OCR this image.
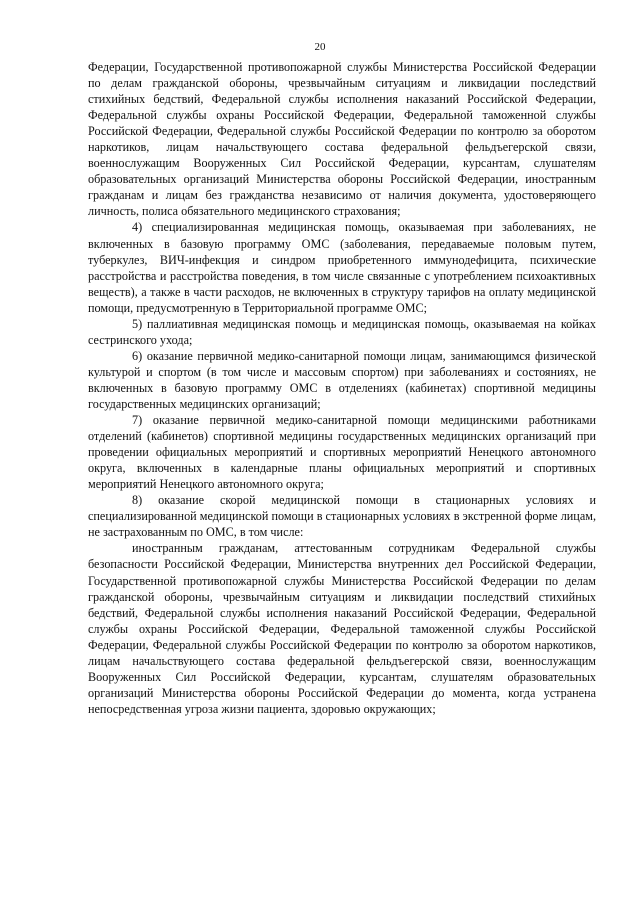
20

Федерации, Государственной противопожарной службы Министерства Российской Федерации по делам гражданской обороны, чрезвычайным ситуациям и ликвидации последствий стихийных бедствий, Федеральной службы исполнения наказаний Российской Федерации, Федеральной службы охраны Российской Федерации, Федеральной таможенной службы Российской Федерации, Федеральной службы Российской Федерации по контролю за оборотом наркотиков, лицам начальствующего состава федеральной фельдъегерской связи, военнослужащим Вооруженных Сил Российской Федерации, курсантам, слушателям образовательных организаций Министерства обороны Российской Федерации, иностранным гражданам и лицам без гражданства независимо от наличия документа, удостоверяющего личность, полиса обязательного медицинского страхования;

4) специализированная медицинская помощь, оказываемая при заболеваниях, не включенных в базовую программу ОМС (заболевания, передаваемые половым путем, туберкулез, ВИЧ-инфекция и синдром приобретенного иммунодефицита, психические расстройства и расстройства поведения, в том числе связанные с употреблением психоактивных веществ), а также в части расходов, не включенных в структуру тарифов на оплату медицинской помощи, предусмотренную в Территориальной программе ОМС;

5) паллиативная медицинская помощь и медицинская помощь, оказываемая на койках сестринского ухода;

6) оказание первичной медико-санитарной помощи лицам, занимающимся физической культурой и спортом (в том числе и массовым спортом) при заболеваниях и состояниях, не включенных в базовую программу ОМС в отделениях (кабинетах) спортивной медицины государственных медицинских организаций;

7) оказание первичной медико-санитарной помощи медицинскими работниками отделений (кабинетов) спортивной медицины государственных медицинских организаций при проведении официальных мероприятий и спортивных мероприятий Ненецкого автономного округа, включенных в календарные планы официальных мероприятий и спортивных мероприятий Ненецкого автономного округа;

8) оказание скорой медицинской помощи в стационарных условиях и специализированной медицинской помощи в стационарных условиях в экстренной форме лицам, не застрахованным по ОМС, в том числе:

иностранным гражданам, аттестованным сотрудникам Федеральной службы безопасности Российской Федерации, Министерства внутренних дел Российской Федерации, Государственной противопожарной службы Министерства Российской Федерации по делам гражданской обороны, чрезвычайным ситуациям и ликвидации последствий стихийных бедствий, Федеральной службы исполнения наказаний Российской Федерации, Федеральной службы охраны Российской Федерации, Федеральной таможенной службы Российской Федерации, Федеральной службы Российской Федерации по контролю за оборотом наркотиков, лицам начальствующего состава федеральной фельдъегерской связи, военнослужащим Вооруженных Сил Российской Федерации, курсантам, слушателям образовательных организаций Министерства обороны Российской Федерации до момента, когда устранена непосредственная угроза жизни пациента, здоровью окружающих;
